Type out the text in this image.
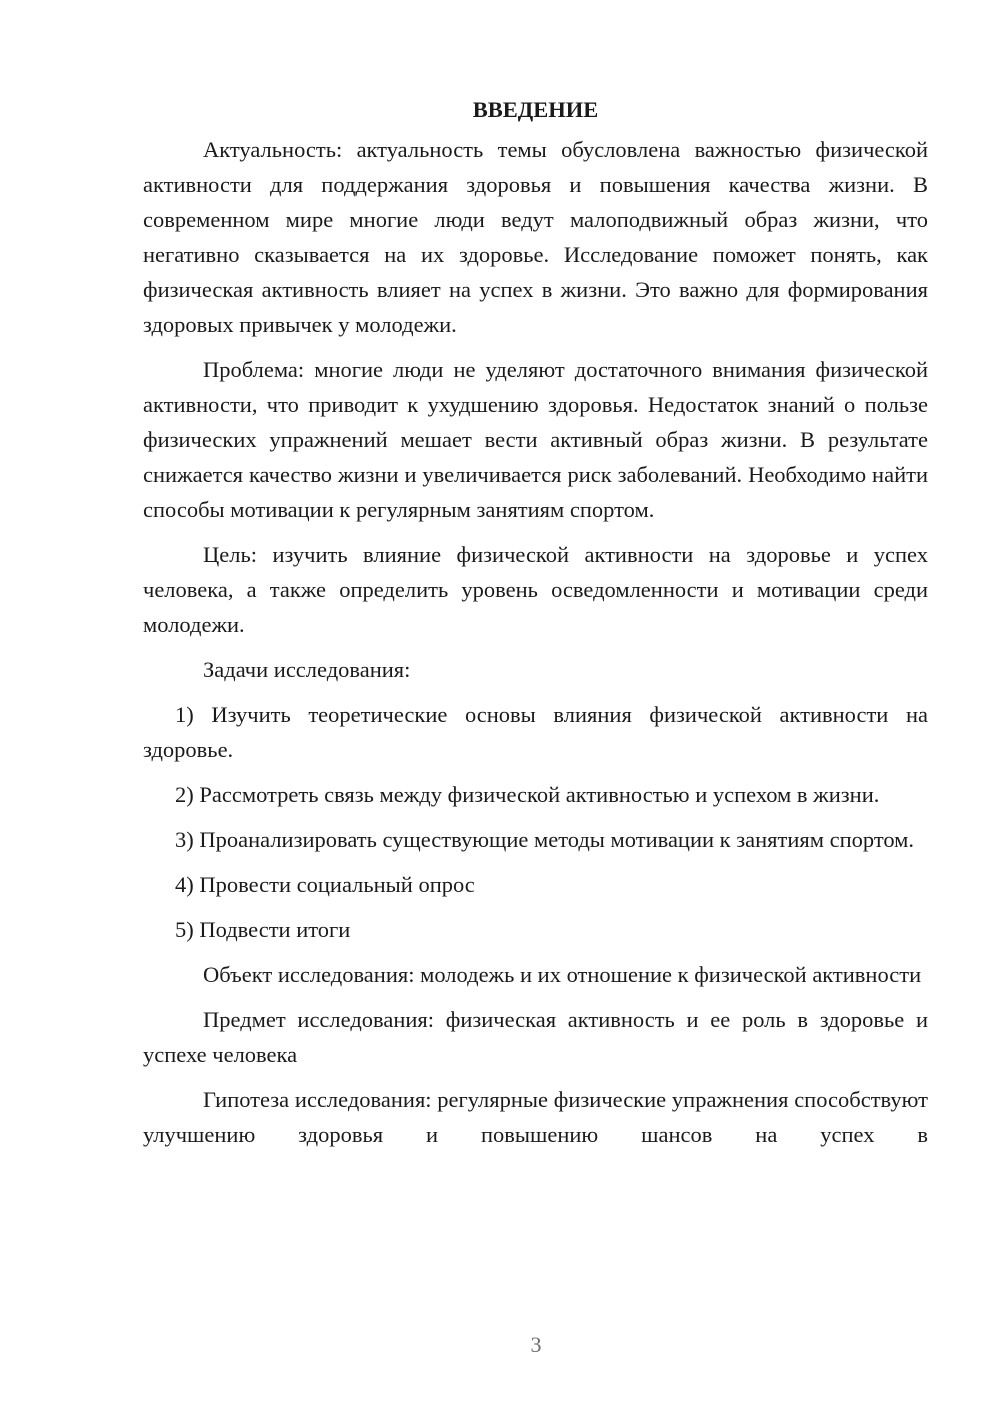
ВВЕДЕНИЕ

Актуальность: актуальность темы обусловлена важностью физической активности для поддержания здоровья и повышения качества жизни. В современном мире многие люди ведут малоподвижный образ жизни, что негативно сказывается на их здоровье. Исследование поможет понять, как физическая активность влияет на успех в жизни. Это важно для формирования здоровых привычек у молодежи.

Проблема: многие люди не уделяют достаточного внимания физической активности, что приводит к ухудшению здоровья. Недостаток знаний о пользе физических упражнений мешает вести активный образ жизни. В результате снижается качество жизни и увеличивается риск заболеваний. Необходимо найти способы мотивации к регулярным занятиям спортом.

Цель: изучить влияние физической активности на здоровье и успех человека, а также определить уровень осведомленности и мотивации среди молодежи.

Задачи исследования:

1) Изучить теоретические основы влияния физической активности на здоровье.

2) Рассмотреть связь между физической активностью и успехом в жизни.

3) Проанализировать существующие методы мотивации к занятиям спортом.

4) Провести социальный опрос

5) Подвести итоги

Объект исследования: молодежь и их отношение к физической активности

Предмет исследования: физическая активность и ее роль в здоровье и успехе человека

Гипотеза исследования: регулярные физические упражнения способствуют улучшению здоровья и повышению шансов на успех в

3
